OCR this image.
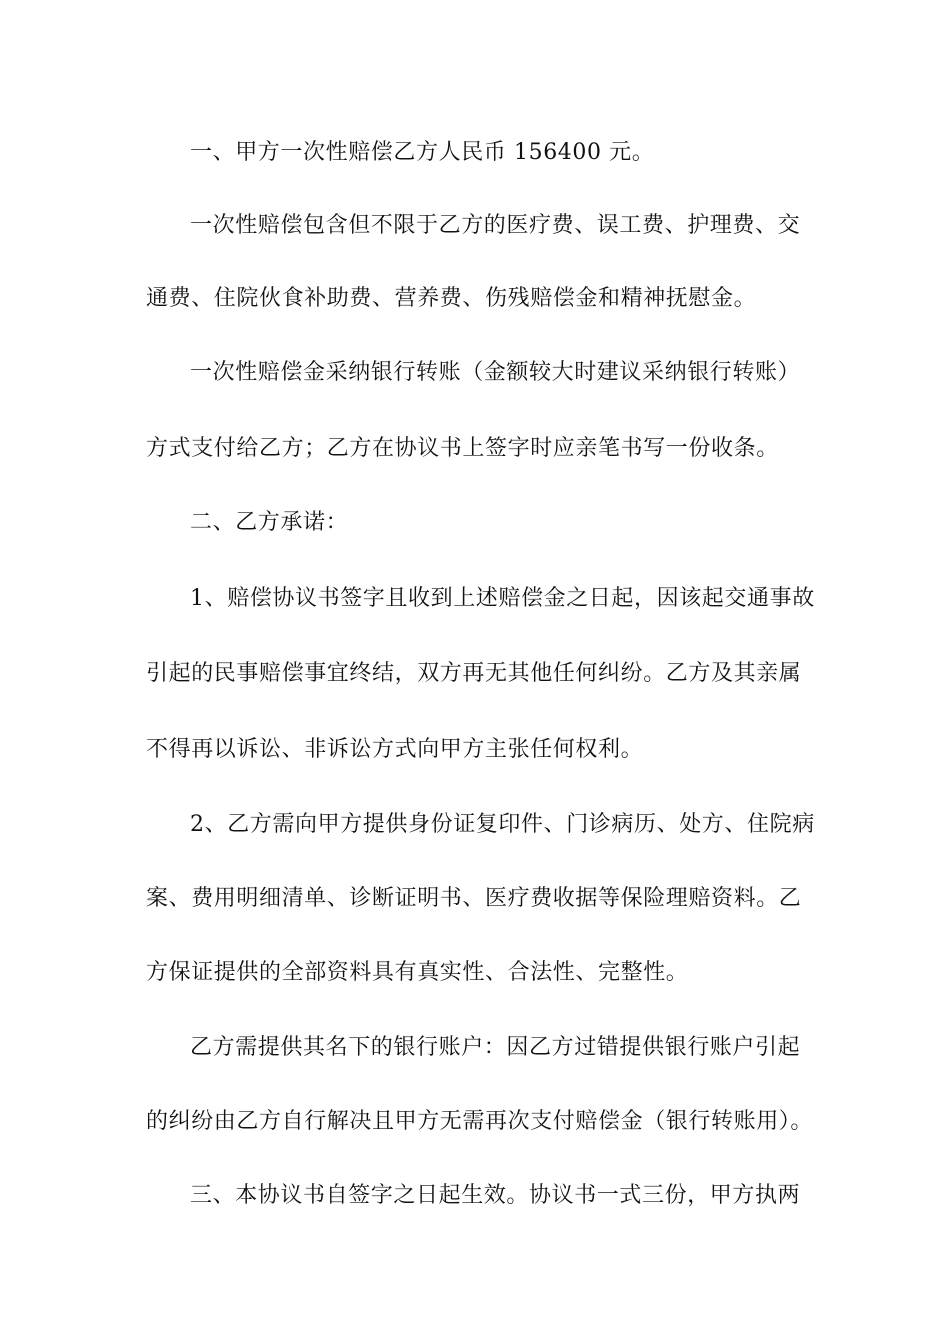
一、甲方一次性赔偿乙方人民币 156400 元。
一次性赔偿包含但不限于乙方的医疗费、误工费、护理费、交
通费、住院伙食补助费、营养费、伤残赔偿金和精神抚慰金。
一次性赔偿金采纳银行转账（金额较大时建议采纳银行转账）
方式支付给乙方；乙方在协议书上签字时应亲笔书写一份收条。
二、乙方承诺：
1、赔偿协议书签字且收到上述赔偿金之日起，因该起交通事故
引起的民事赔偿事宜终结，双方再无其他任何纠纷。乙方及其亲属
不得再以诉讼、非诉讼方式向甲方主张任何权利。
2、乙方需向甲方提供身份证复印件、门诊病历、处方、住院病
案、费用明细清单、诊断证明书、医疗费收据等保险理赔资料。乙
方保证提供的全部资料具有真实性、合法性、完整性。
乙方需提供其名下的银行账户：因乙方过错提供银行账户引起
的纠纷由乙方自行解决且甲方无需再次支付赔偿金（银行转账用）。
三、本协议书自签字之日起生效。协议书一式三份，甲方执两
